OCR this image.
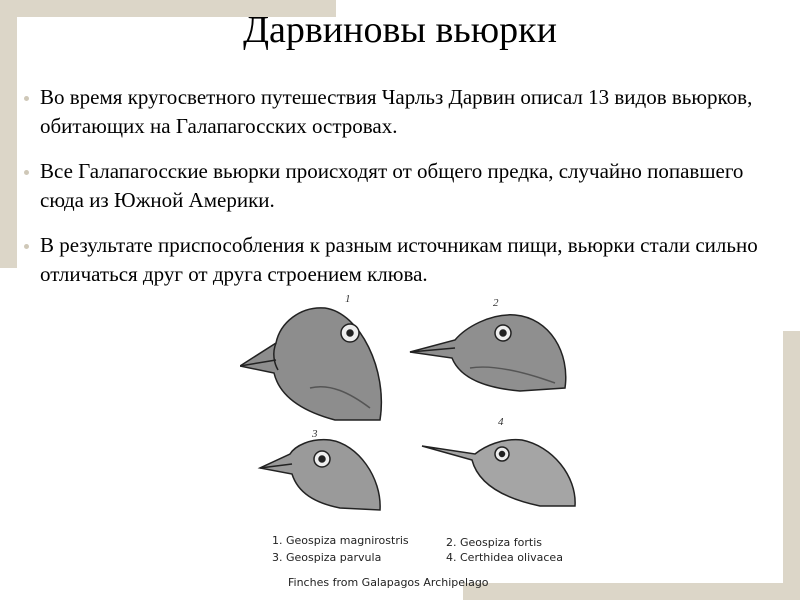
Дарвиновы вьюрки
Во время кругосветного путешествия Чарльз Дарвин описал 13 видов вьюрков, обитающих на Галапагосских островах.
Все Галапагосские вьюрки происходят от общего предка, случайно попавшего сюда из Южной Америки.
В результате приспособления к разным источникам пищи, вьюрки стали сильно отличаться друг от друга строением клюва.
1	2
3
4
1. Geospiza magnirostris	2. Geospiza fortis
3. Geospiza parvula	4. Certhidea olivacea
Finches from Galapagos Archipelago
